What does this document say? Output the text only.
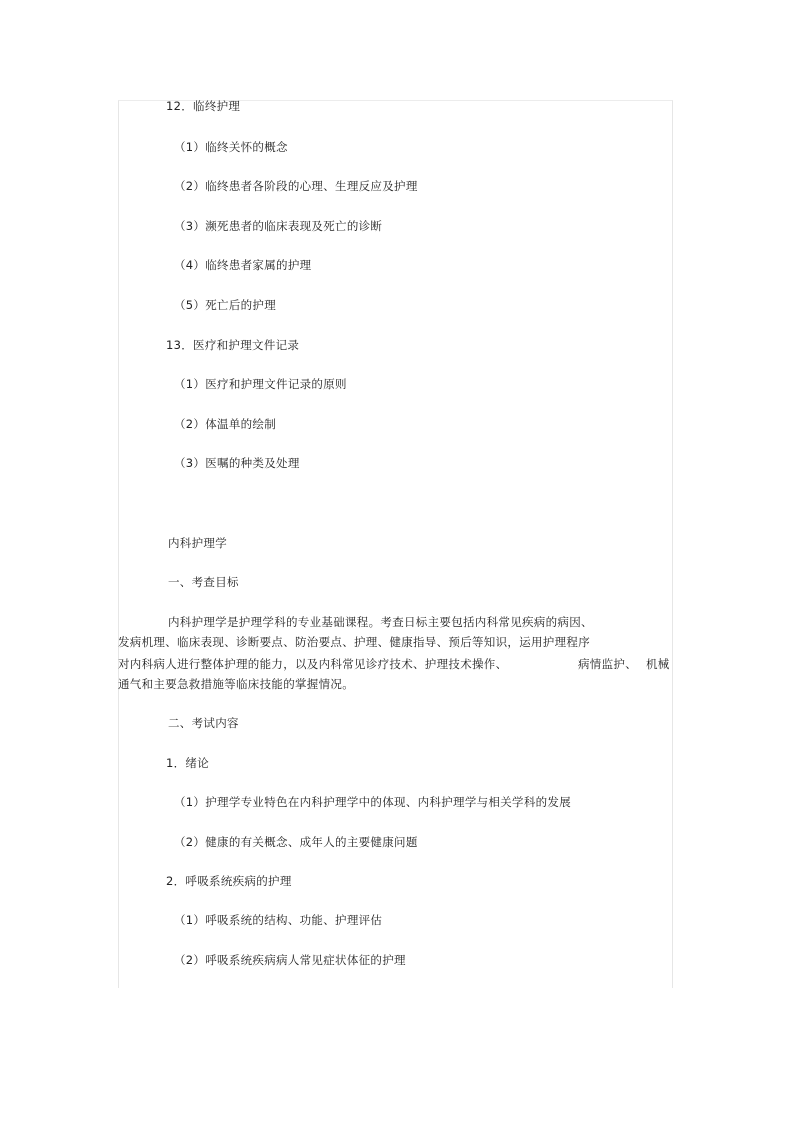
12．临终护理
（1）临终关怀的概念
（2）临终患者各阶段的心理、生理反应及护理
（3）濒死患者的临床表现及死亡的诊断
（4）临终患者家属的护理
（5）死亡后的护理
13．医疗和护理文件记录
（1）医疗和护理文件记录的原则
（2）体温单的绘制
（3）医嘱的种类及处理
内科护理学
一、考查目标
内科护理学是护理学科的专业基础课程。考查日标主要包括内科常见疾病的病因、
发病机理、临床表现、诊断要点、防治要点、护理、健康指导、预后等知识，运用护理程序
对内科病人进行整体护理的能力，以及内科常见诊疗技术、护理技术操作、	病情监护、 机械
通气和主要急救措施等临床技能的掌握情况。
二、考试内容
1．绪论
（1）护理学专业特色在内科护理学中的体现、内科护理学与相关学科的发展
（2）健康的有关概念、成年人的主要健康问题
2．呼吸系统疾病的护理
（1）呼吸系统的结构、功能、护理评估
（2）呼吸系统疾病病人常见症状体征的护理
